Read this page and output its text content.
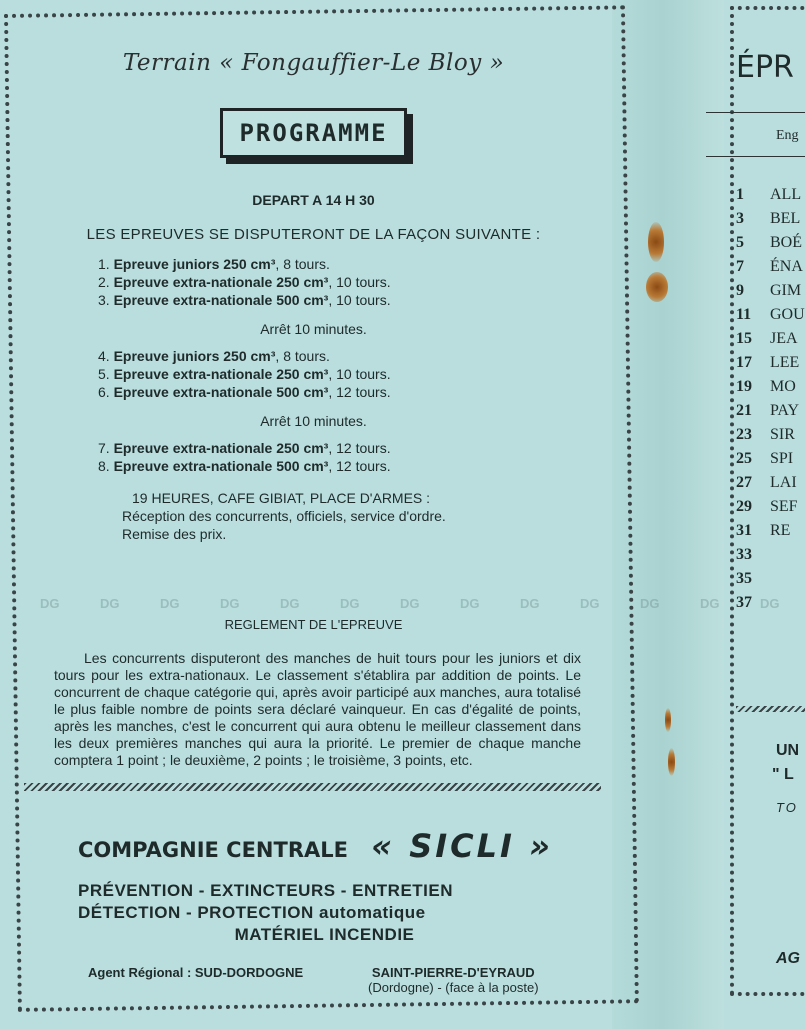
Terrain « Fongauffier-Le Bloy »
PROGRAMME
DEPART A 14 H 30
LES EPREUVES SE DISPUTERONT DE LA FAÇON SUIVANTE :
1. Epreuve juniors 250 cm³, 8 tours.
2. Epreuve extra-nationale 250 cm³, 10 tours.
3. Epreuve extra-nationale 500 cm³, 10 tours.
Arrêt 10 minutes.
4. Epreuve juniors 250 cm³, 8 tours.
5. Epreuve extra-nationale 250 cm³, 10 tours.
6. Epreuve extra-nationale 500 cm³, 12 tours.
Arrêt 10 minutes.
7. Epreuve extra-nationale 250 cm³, 12 tours.
8. Epreuve extra-nationale 500 cm³, 12 tours.
19 HEURES, CAFE GIBIAT, PLACE D'ARMES :
Réception des concurrents, officiels, service d'ordre.
Remise des prix.
REGLEMENT DE L'EPREUVE
Les concurrents disputeront des manches de huit tours pour les juniors et dix tours pour les extra-nationaux. Le classement s'établira par addition de points. Le concurrent de chaque catégorie qui, après avoir participé aux manches, aura totalisé le plus faible nombre de points sera déclaré vainqueur. En cas d'égalité de points, après les manches, c'est le concurrent qui aura obtenu le meilleur classement dans les deux premières manches qui aura la priorité. Le premier de chaque manche comptera 1 point ; le deuxième, 2 points ; le troisième, 3 points, etc.
COMPAGNIE CENTRALE « SICLI »
PRÉVENTION - EXTINCTEURS - ENTRETIEN
DÉTECTION - PROTECTION automatique
MATÉRIEL INCENDIE
Agent Régional : SUD-DORDOGNE	SAINT-PIERRE-D'EYRAUD
(Dordogne) - (face à la poste)
ÉPR
Eng
1	ALL
3	BEL
5	BOÉ
7	ÉNA
9	GIM
11	GOU
15	JEA
17	LEE
19	MO
21	PAY
23	SIR
25	SPI
27	LAI
29	SEF
31	RE
33
35
37
UN
" L
TO
AG
DG	DG	DG	DG	DG	DG	DG	DG	DG	DG	DG	DG	DG
